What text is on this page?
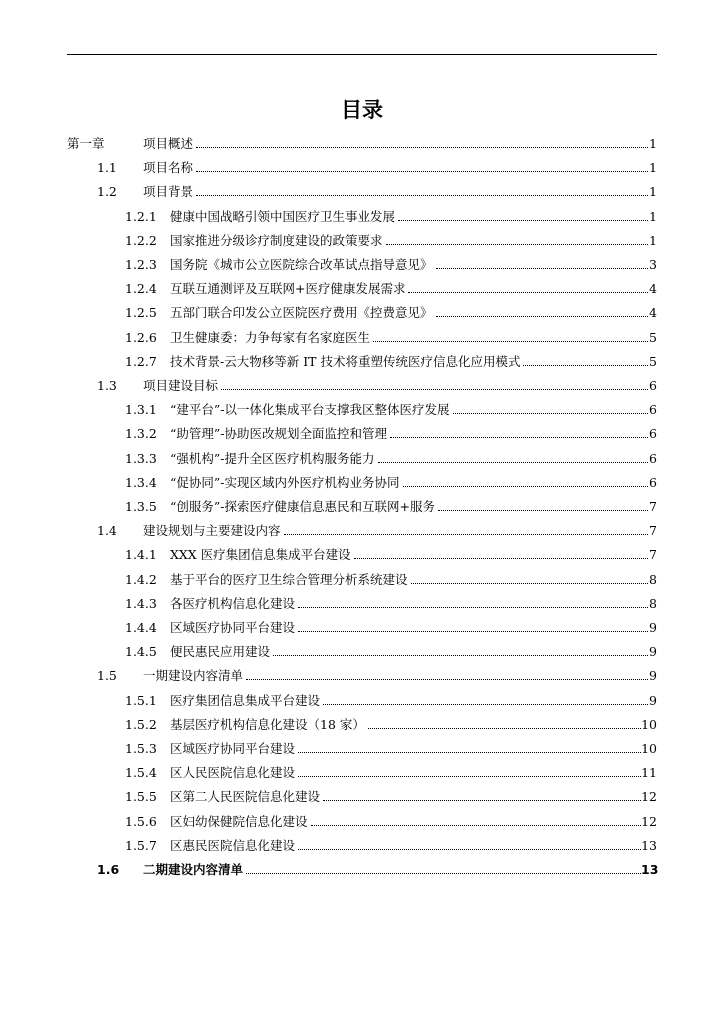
目录
第一章	项目概述	1
1.1 项目名称	1
1.2 项目背景	1
1.2.1 健康中国战略引领中国医疗卫生事业发展	1
1.2.2 国家推进分级诊疗制度建设的政策要求	1
1.2.3 国务院《城市公立医院综合改革试点指导意见》	3
1.2.4 互联互通测评及互联网+医疗健康发展需求	4
1.2.5 五部门联合印发公立医院医疗费用《控费意见》	4
1.2.6 卫生健康委：力争每家有名家庭医生	5
1.2.7 技术背景-云大物移等新 IT 技术将重塑传统医疗信息化应用模式	5
1.3 项目建设目标	6
1.3.1 “建平台”-以一体化集成平台支撑我区整体医疗发展	6
1.3.2 “助管理”-协助医改规划全面监控和管理	6
1.3.3 “强机构”-提升全区医疗机构服务能力	6
1.3.4 “促协同”-实现区域内外医疗机构业务协同	6
1.3.5 “创服务”-探索医疗健康信息惠民和互联网+服务	7
1.4 建设规划与主要建设内容	7
1.4.1 XXX 医疗集团信息集成平台建设	7
1.4.2 基于平台的医疗卫生综合管理分析系统建设	8
1.4.3 各医疗机构信息化建设	8
1.4.4 区域医疗协同平台建设	9
1.4.5 便民惠民应用建设	9
1.5 一期建设内容清单	9
1.5.1 医疗集团信息集成平台建设	9
1.5.2 基层医疗机构信息化建设（18 家）	10
1.5.3 区域医疗协同平台建设	10
1.5.4 区人民医院信息化建设	11
1.5.5 区第二人民医院信息化建设	12
1.5.6 区妇幼保健院信息化建设	12
1.5.7 区惠民医院信息化建设	13
1.6 二期建设内容清单	13
